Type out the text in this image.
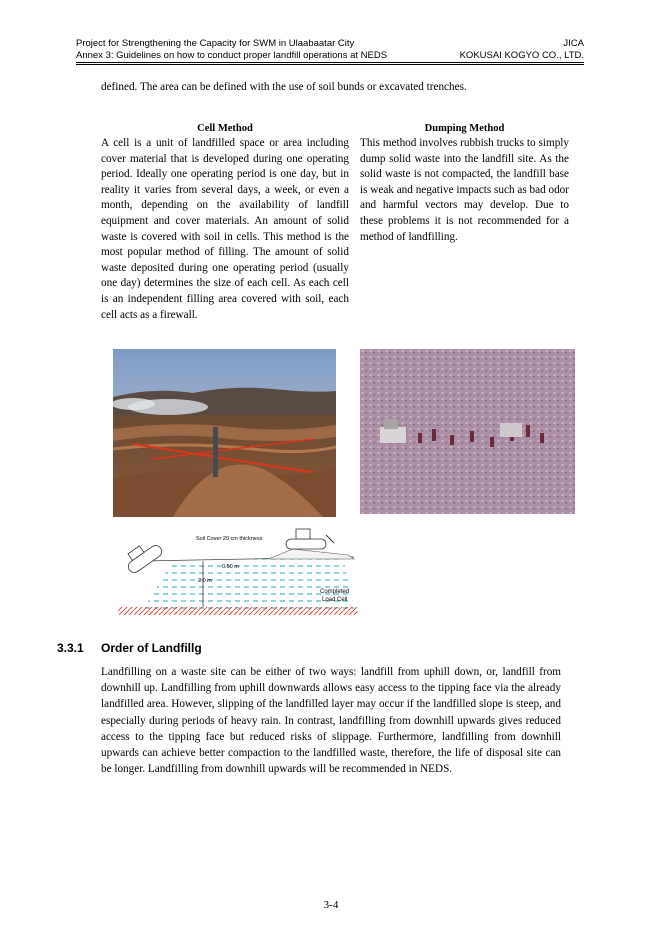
Project for Strengthening the Capacity for SWM in Ulaabaatar City	JICA
Annex 3: Guidelines on how to conduct proper landfill operations at NEDS	KOKUSAI KOGYO CO., LTD.
defined. The area can be defined with the use of soil bunds or excavated trenches.
Cell Method
A cell is a unit of landfilled space or area including cover material that is developed during one operating period. Ideally one operating period is one day, but in reality it varies from several days, a week, or even a month, depending on the availability of landfill equipment and cover materials. An amount of solid waste is covered with soil in cells. This method is the most popular method of filling. The amount of solid waste deposited during one operating period (usually one day) determines the size of each cell. As each cell is an independent filling area covered with soil, each cell acts as a firewall.
Dumping Method
This method involves rubbish trucks to simply dump solid waste into the landfill site. As the solid waste is not compacted, the landfill base is weak and negative impacts such as bad odor and harmful vectors may develop. Due to these problems it is not recommended for a method of landfilling.
Soil Cover 20 cm thickness
0.50 m
2.0 m
Completed
Load Cell
3.3.1 Order of Landfillg
Landfilling on a waste site can be either of two ways: landfill from uphill down, or, landfill from downhill up. Landfilling from uphill downwards allows easy access to the tipping face via the already landfilled area. However, slipping of the landfilled layer may occur if the landfilled slope is steep, and especially during periods of heavy rain. In contrast, landfilling from downhill upwards gives reduced access to the tipping face but reduced risks of slippage. Furthermore, landfilling from downhill upwards can achieve better compaction to the landfilled waste, therefore, the life of disposal site can be longer. Landfilling from downhill upwards will be recommended in NEDS.
3-4
